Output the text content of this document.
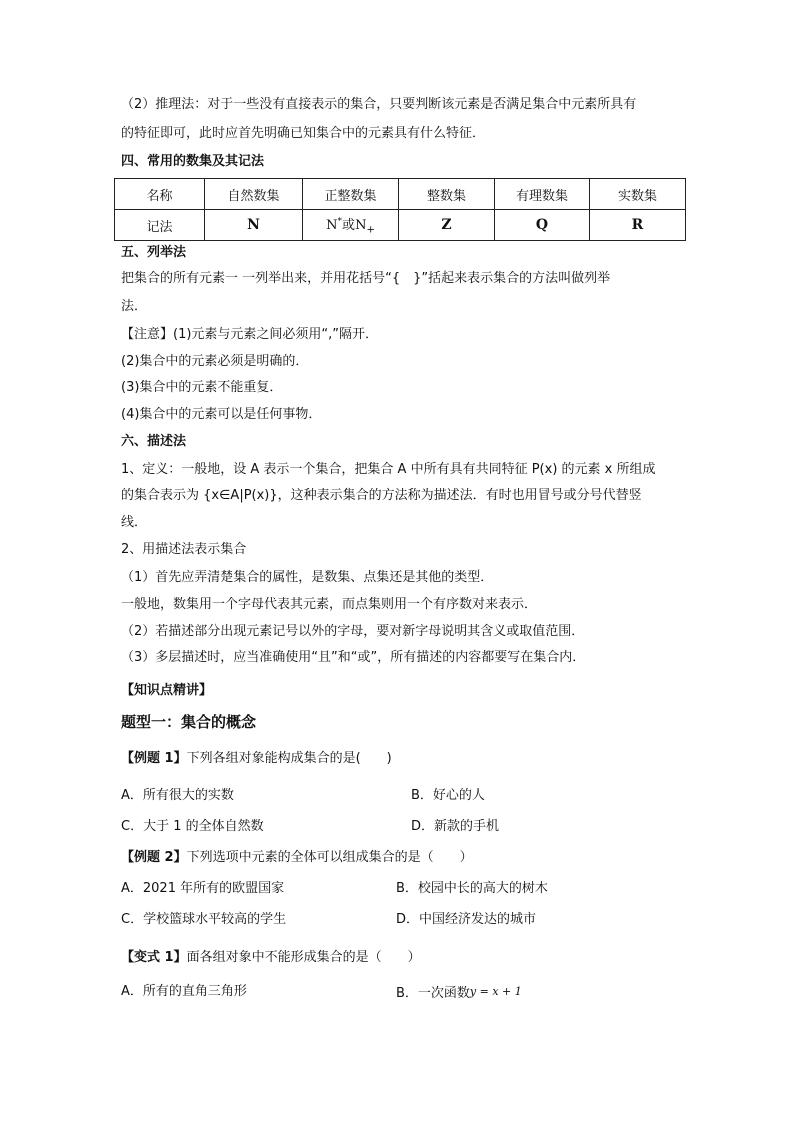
（2）推理法：对于一些没有直接表示的集合，只要判断该元素是否满足集合中元素所具有
的特征即可，此时应首先明确已知集合中的元素具有什么特征．
四、常用的数集及其记法
名称	自然数集	正整数集	整数集	有理数集	实数集
记法	N	N*或$N_+$	Z	Q	R
五、列举法
把集合的所有元素一 一列举出来，并用花括号“{　}”括起来表示集合的方法叫做列举
法．
【注意】(1)元素与元素之间必须用“,”隔开．
(2)集合中的元素必须是明确的．
(3)集合中的元素不能重复．
(4)集合中的元素可以是任何事物．
六、描述法
1、定义：一般地，设 A 表示一个集合，把集合 A 中所有具有共同特征 P(x) 的元素 x 所组成
的集合表示为 {x∈A|P(x)}，这种表示集合的方法称为描述法．有时也用冒号或分号代替竖
线．
2、用描述法表示集合
（1）首先应弄清楚集合的属性，是数集、点集还是其他的类型．
一般地，数集用一个字母代表其元素，而点集则用一个有序数对来表示．
（2）若描述部分出现元素记号以外的字母，要对新字母说明其含义或取值范围．
（3）多层描述时，应当准确使用“且”和“或”，所有描述的内容都要写在集合内．
【知识点精讲】
题型一：集合的概念
【例题 1】下列各组对象能构成集合的是(　　)
A．所有很大的实数	B．好心的人
C．大于 1 的全体自然数	D．新款的手机
【例题 2】下列选项中元素的全体可以组成集合的是（　　）
A．2021 年所有的欧盟国家	B．校园中长的高大的树木
C．学校篮球水平较高的学生	D．中国经济发达的城市
【变式 1】面各组对象中不能形成集合的是（　　）
A．所有的直角三角形	B．一次函数y = x + 1
